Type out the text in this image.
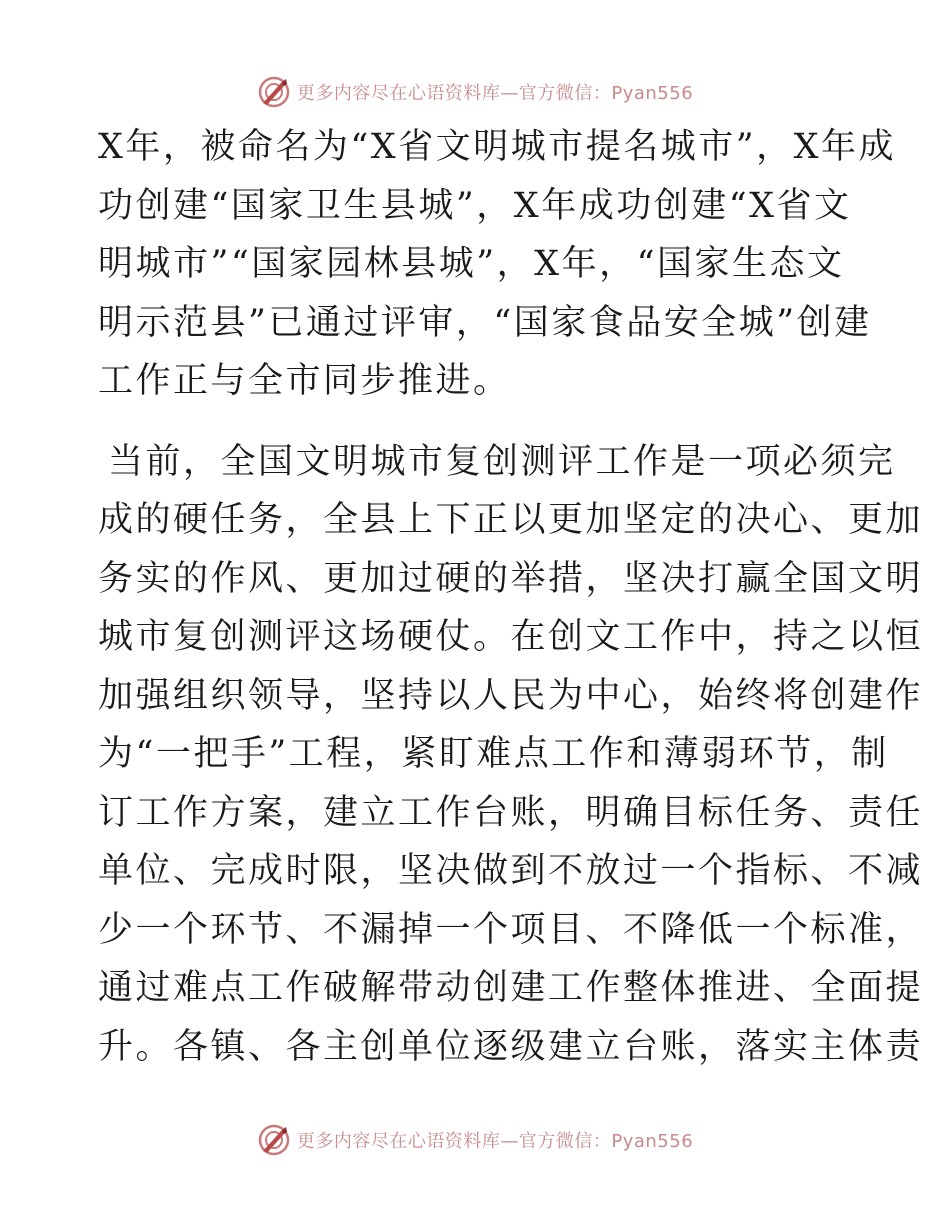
更多内容尽在心语资料库—官方微信：Pyan556

X年，被命名为“X省文明城市提名城市”，X年成
功创建“国家卫生县城”，X年成功创建“X省文
明城市”“国家园林县城”，X年，“国家生态文
明示范县”已通过评审，“国家食品安全城”创建
工作正与全市同步推进。

当前，全国文明城市复创测评工作是一项必须完
成的硬任务，全县上下正以更加坚定的决心、更加
务实的作风、更加过硬的举措，坚决打赢全国文明
城市复创测评这场硬仗。在创文工作中，持之以恒
加强组织领导，坚持以人民为中心，始终将创建作
为“一把手”工程，紧盯难点工作和薄弱环节，制
订工作方案，建立工作台账，明确目标任务、责任
单位、完成时限，坚决做到不放过一个指标、不减
少一个环节、不漏掉一个项目、不降低一个标准，
通过难点工作破解带动创建工作整体推进、全面提
升。各镇、各主创单位逐级建立台账，落实主体责

更多内容尽在心语资料库—官方微信：Pyan556
